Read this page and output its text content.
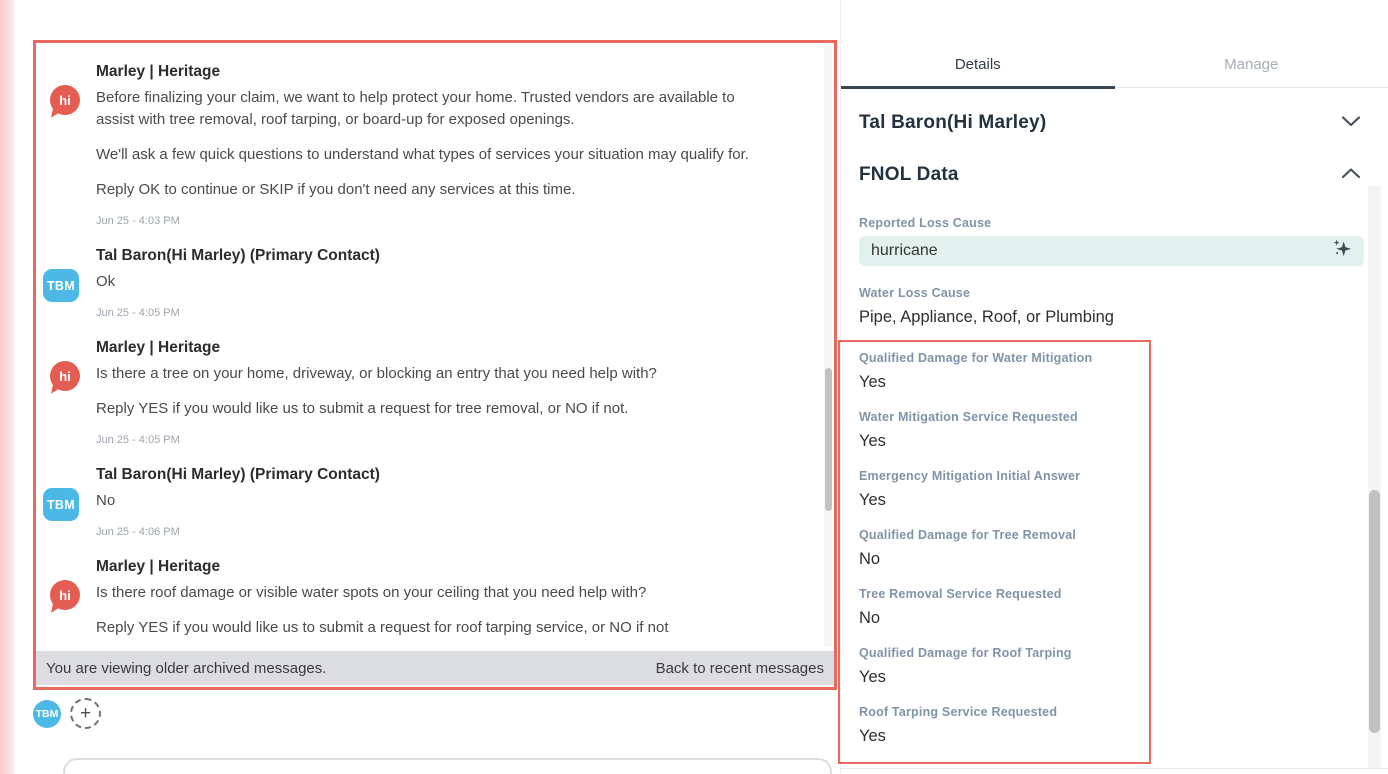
hi
Marley | Heritage

Before finalizing your claim, we want to help protect your home. Trusted vendors are available to assist with tree removal, roof tarping, or board-up for exposed openings.

We'll ask a few quick questions to understand what types of services your situation may qualify for.

Reply OK to continue or SKIP if you don't need any services at this time.

Jun 25 - 4:03 PM
TBM
Tal Baron(Hi Marley) (Primary Contact)

Ok

Jun 25 - 4:05 PM
hi
Marley | Heritage

Is there a tree on your home, driveway, or blocking an entry that you need help with?

Reply YES if you would like us to submit a request for tree removal, or NO if not.

Jun 25 - 4:05 PM
TBM
Tal Baron(Hi Marley) (Primary Contact)

No

Jun 25 - 4:06 PM
hi
Marley | Heritage

Is there roof damage or visible water spots on your ceiling that you need help with?

Reply YES if you would like us to submit a request for roof tarping service, or NO if not

You are viewing older archived messages.	Back to recent messages
TBM +
Details	Manage
Tal Baron(Hi Marley)
FNOL Data
Reported Loss Cause
hurricane
Water Loss Cause
Pipe, Appliance, Roof, or Plumbing
Qualified Damage for Water Mitigation
Yes
Water Mitigation Service Requested
Yes
Emergency Mitigation Initial Answer
Yes
Qualified Damage for Tree Removal
No
Tree Removal Service Requested
No
Qualified Damage for Roof Tarping
Yes
Roof Tarping Service Requested
Yes
